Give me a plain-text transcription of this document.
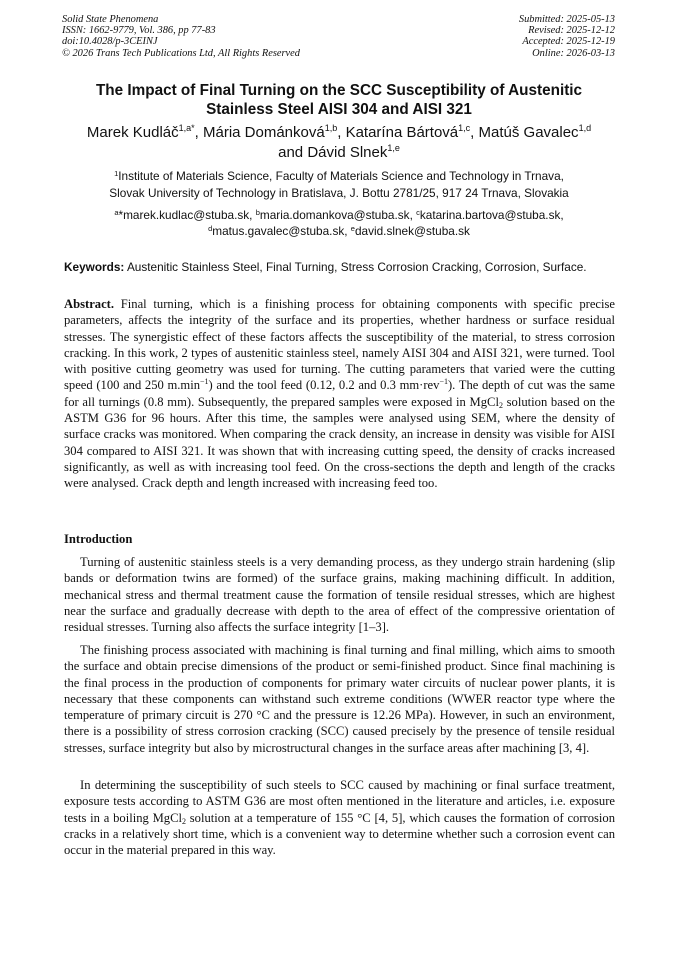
Solid State Phenomena
ISSN: 1662-9779, Vol. 386, pp 77-83
doi:10.4028/p-3CEINJ
© 2026 Trans Tech Publications Ltd, All Rights Reserved
Submitted: 2025-05-13
Revised: 2025-12-12
Accepted: 2025-12-19
Online: 2026-03-13
The Impact of Final Turning on the SCC Susceptibility of Austenitic
Stainless Steel AISI 304 and AISI 321
Marek Kudláč$^{1,a*}$, Mária Dománková$^{1,b}$, Katarína Bártová$^{1,c}$, Matúš Gavalec$^{1,d}$
and Dávid Slnek$^{1,e}$
$^1$Institute of Materials Science, Faculty of Materials Science and Technology in Trnava,
Slovak University of Technology in Bratislava, J. Bottu 2781/25, 917 24 Trnava, Slovakia
$^a$*marek.kudlac@stuba.sk, $^b$maria.domankova@stuba.sk, $^c$katarina.bartova@stuba.sk,
$^d$matus.gavalec@stuba.sk, $^e$david.slnek@stuba.sk
Keywords: Austenitic Stainless Steel, Final Turning, Stress Corrosion Cracking, Corrosion, Surface.

Abstract. Final turning, which is a finishing process for obtaining components with specific precise parameters, affects the integrity of the surface and its properties, whether hardness or surface residual stresses. The synergistic effect of these factors affects the susceptibility of the material, to stress corrosion cracking. In this work, 2 types of austenitic stainless steel, namely AISI 304 and AISI 321, were turned. Tool with positive cutting geometry was used for turning. The cutting parameters that varied were the cutting speed (100 and 250 $m.\min^{-1}$) and the tool feed (0.12, 0.2 and 0.3 mm·rev$^{-1}$). The depth of cut was the same for all turnings (0.8 mm). Subsequently, the prepared samples were exposed in MgCl$_2$ solution based on the ASTM G36 for 96 hours. After this time, the samples were analysed using SEM, where the density of surface cracks was monitored. When comparing the crack density, an increase in density was visible for AISI 304 compared to AISI 321. It was shown that with increasing cutting speed, the density of cracks increased significantly, as well as with increasing tool feed. On the cross-sections the depth and length of the cracks were analysed. Crack depth and length increased with increasing feed too.

Introduction

Turning of austenitic stainless steels is a very demanding process, as they undergo strain hardening (slip bands or deformation twins are formed) of the surface grains, making machining difficult. In addition, mechanical stress and thermal treatment cause the formation of tensile residual stresses, which are highest near the surface and gradually decrease with depth to the area of effect of the compressive orientation of residual stresses. Turning also affects the surface integrity [1–3].

The finishing process associated with machining is final turning and final milling, which aims to smooth the surface and obtain precise dimensions of the product or semi-finished product. Since final machining is the final process in the production of components for primary water circuits of nuclear power plants, it is necessary that these components can withstand such extreme conditions (WWER reactor type where the temperature of primary circuit is 270 °C and the pressure is 12.26 MPa). However, in such an environment, there is a possibility of stress corrosion cracking (SCC) caused precisely by the presence of tensile residual stresses, surface integrity but also by microstructural changes in the surface areas after machining [3, 4].

In determining the susceptibility of such steels to SCC caused by machining or final surface treatment, exposure tests according to ASTM G36 are most often mentioned in the literature and articles, i.e. exposure tests in a boiling MgCl$_2$ solution at a temperature of 155 °C [4, 5], which causes the formation of corrosion cracks in a relatively short time, which is a convenient way to determine whether such a corrosion event can occur in the material prepared in this way.
